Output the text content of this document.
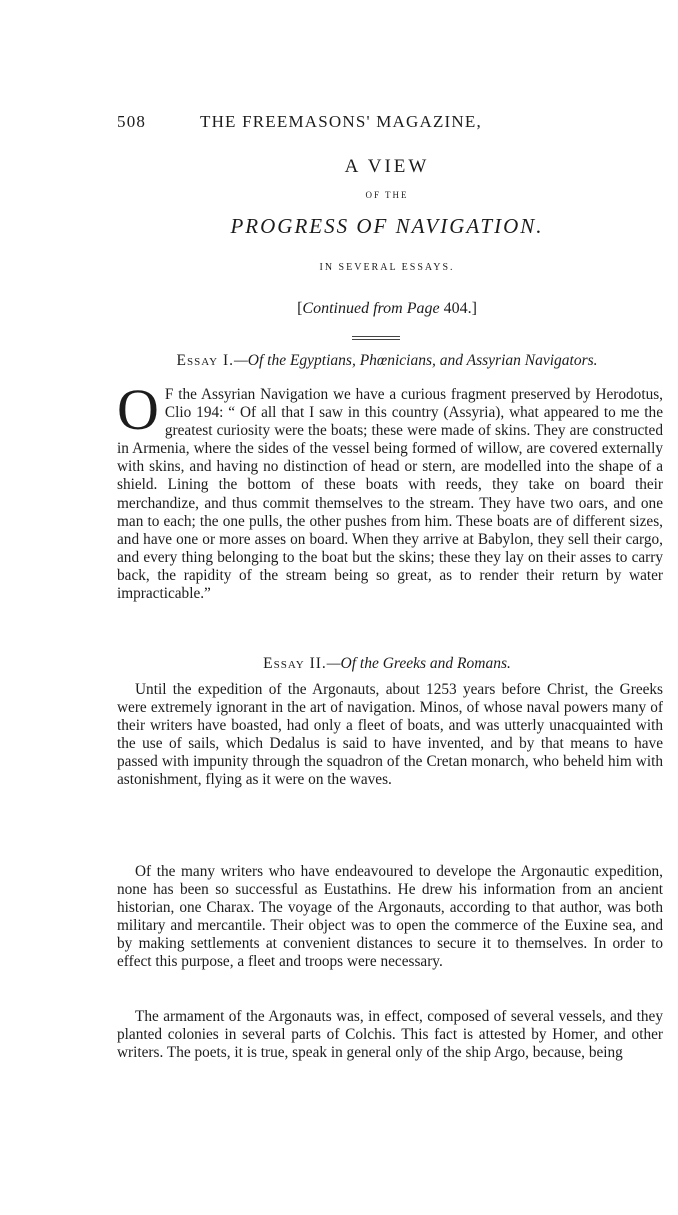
508	THE FREEMASONS' MAGAZINE,
A VIEW
OF THE
PROGRESS OF NAVIGATION.
IN SEVERAL ESSAYS.
[Continued from Page 404.]
Essay I.—Of the Egyptians, Phœnicians, and Assyrian Navigators.

O F the Assyrian Navigation we have a curious fragment preserved by Herodotus, Clio 194: “ Of all that I saw in this country (Assyria), what appeared to me the greatest curiosity were the boats; these were made of skins. They are constructed in Armenia, where the sides of the vessel being formed of willow, are covered externally with skins, and having no distinction of head or stern, are modelled into the shape of a shield. Lining the bottom of these boats with reeds, they take on board their merchandize, and thus commit themselves to the stream. They have two oars, and one man to each; the one pulls, the other pushes from him. These boats are of different sizes, and have one or more asses on board. When they arrive at Babylon, they sell their cargo, and every thing belonging to the boat but the skins; these they lay on their asses to carry back, the rapidity of the stream being so great, as to render their return by water impracticable.”

Essay II.—Of the Greeks and Romans.

Until the expedition of the Argonauts, about 1253 years before Christ, the Greeks were extremely ignorant in the art of navigation. Minos, of whose naval powers many of their writers have boasted, had only a fleet of boats, and was utterly unacquainted with the use of sails, which Dedalus is said to have invented, and by that means to have passed with impunity through the squadron of the Cretan monarch, who beheld him with astonishment, flying as it were on the waves.

Of the many writers who have endeavoured to develope the Argonautic expedition, none has been so successful as Eustathins. He drew his information from an ancient historian, one Charax. The voyage of the Argonauts, according to that author, was both military and mercantile. Their object was to open the commerce of the Euxine sea, and by making settlements at convenient distances to secure it to themselves. In order to effect this purpose, a fleet and troops were necessary.

The armament of the Argonauts was, in effect, composed of several vessels, and they planted colonies in several parts of Colchis. This fact is attested by Homer, and other writers. The poets, it is true, speak in general only of the ship Argo, because, being
